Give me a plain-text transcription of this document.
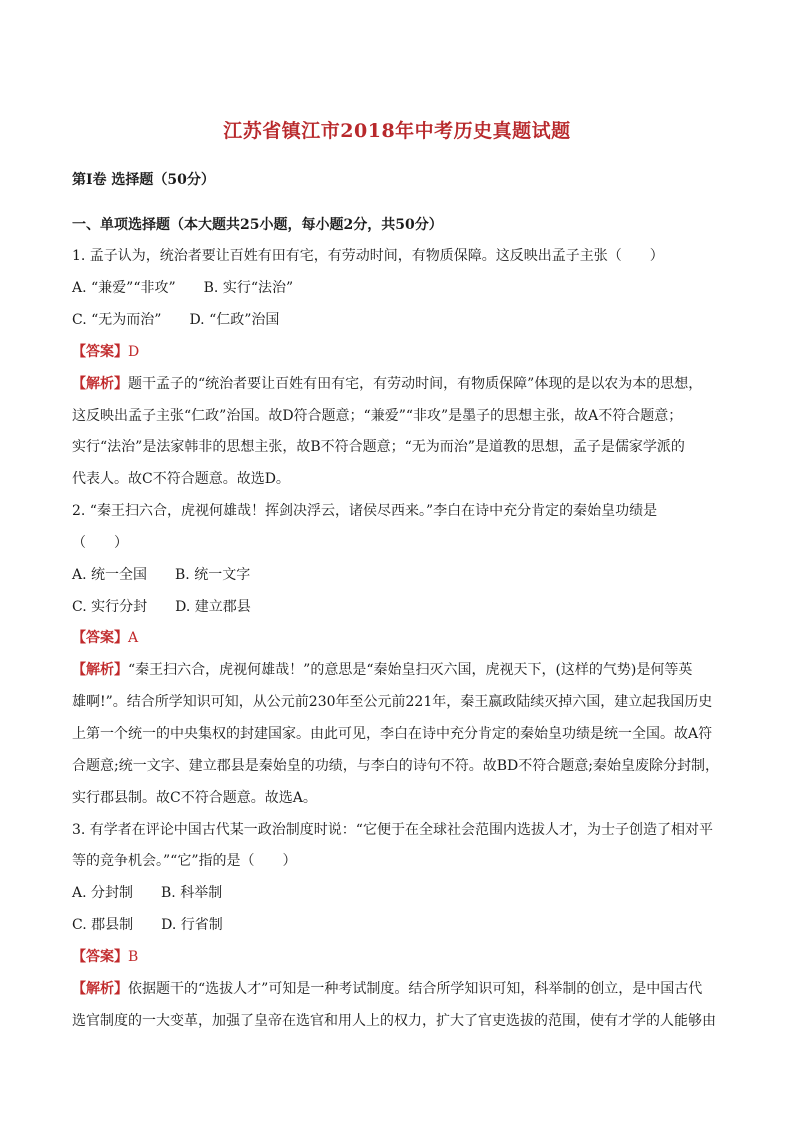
江苏省镇江市2018年中考历史真题试题
第Ⅰ卷 选择题（50分）
一、单项选择题（本大题共25小题，每小题2分，共50分）
1. 孟子认为，统治者要让百姓有田有宅，有劳动时间，有物质保障。这反映出孟子主张（　　）
A. “兼爱”“非攻” B. 实行“法治”
C. “无为而治” D. “仁政”治国
【答案】D
【解析】题干孟子的“统治者要让百姓有田有宅，有劳动时间，有物质保障”体现的是以农为本的思想，
这反映出孟子主张“仁政”治国。故D符合题意；“兼爱”“非攻”是墨子的思想主张，故A不符合题意；
实行“法治”是法家韩非的思想主张，故B不符合题意；“无为而治”是道教的思想，孟子是儒家学派的
代表人。故C不符合题意。故选D。
2. “秦王扫六合，虎视何雄哉！挥剑决浮云，诸侯尽西来。”李白在诗中充分肯定的秦始皇功绩是
（　　）
A. 统一全国 B. 统一文字
C. 实行分封 D. 建立郡县
【答案】A
【解析】“秦王扫六合，虎视何雄哉！”的意思是“秦始皇扫灭六国，虎视天下，(这样的气势)是何等英
雄啊!”。结合所学知识可知，从公元前230年至公元前221年，秦王嬴政陆续灭掉六国，建立起我国历史
上第一个统一的中央集权的封建国家。由此可见，李白在诗中充分肯定的秦始皇功绩是统一全国。故A符
合题意;统一文字、建立郡县是秦始皇的功绩，与李白的诗句不符。故BD不符合题意;秦始皇废除分封制，
实行郡县制。故C不符合题意。故选A。
3. 有学者在评论中国古代某一政治制度时说：“它便于在全球社会范围内选拔人才，为士子创造了相对平
等的竞争机会。”“它”指的是（　　）
A. 分封制 B. 科举制
C. 郡县制 D. 行省制
【答案】B
【解析】依据题干的“选拔人才”可知是一种考试制度。结合所学知识可知，科举制的创立，是中国古代
选官制度的一大变革，加强了皇帝在选官和用人上的权力，扩大了官吏选拔的范围，使有才学的人能够由
